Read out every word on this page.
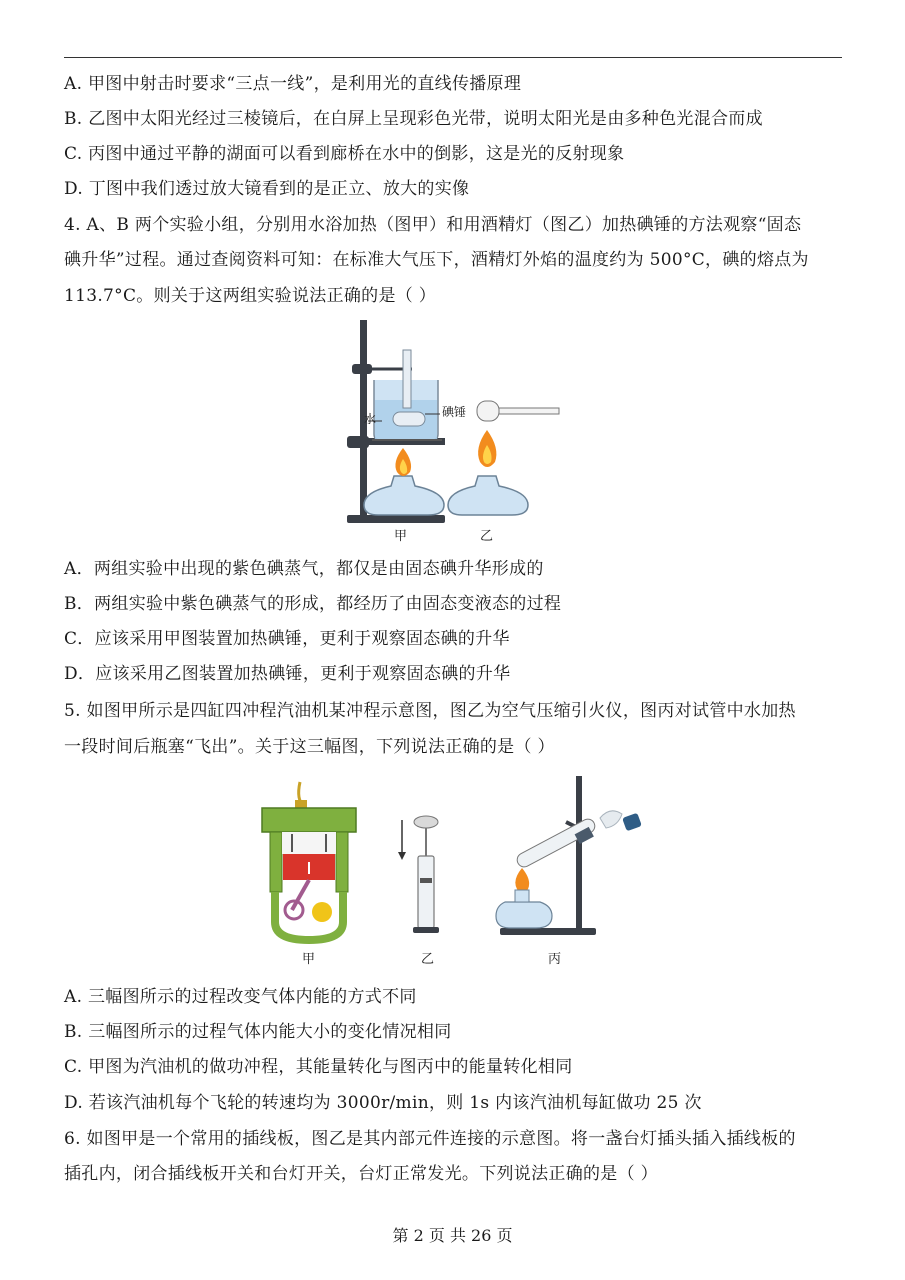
A. 甲图中射击时要求“三点一线”，是利用光的直线传播原理
B. 乙图中太阳光经过三棱镜后，在白屏上呈现彩色光带，说明太阳光是由多种色光混合而成
C. 丙图中通过平静的湖面可以看到廊桥在水中的倒影，这是光的反射现象
D. 丁图中我们透过放大镜看到的是正立、放大的实像
4. A、B 两个实验小组，分别用水浴加热（图甲）和用酒精灯（图乙）加热碘锤的方法观察“固态
碘升华”过程。通过查阅资料可知：在标准大气压下，酒精灯外焰的温度约为 500°C，碘的熔点为
113.7°C。则关于这两组实验说法正确的是（ ）
水	碘锤
甲	乙
A．两组实验中出现的紫色碘蒸气，都仅是由固态碘升华形成的
B．两组实验中紫色碘蒸气的形成，都经历了由固态变液态的过程
C．应该采用甲图装置加热碘锤，更利于观察固态碘的升华
D．应该采用乙图装置加热碘锤，更利于观察固态碘的升华
5. 如图甲所示是四缸四冲程汽油机某冲程示意图，图乙为空气压缩引火仪，图丙对试管中水加热
一段时间后瓶塞“飞出”。关于这三幅图，下列说法正确的是（ ）
甲	乙	丙
A. 三幅图所示的过程改变气体内能的方式不同
B. 三幅图所示的过程气体内能大小的变化情况相同
C. 甲图为汽油机的做功冲程，其能量转化与图丙中的能量转化相同
D. 若该汽油机每个飞轮的转速均为 3000r/min，则 1s 内该汽油机每缸做功 25 次
6. 如图甲是一个常用的插线板，图乙是其内部元件连接的示意图。将一盏台灯插头插入插线板的
插孔内，闭合插线板开关和台灯开关，台灯正常发光。下列说法正确的是（ ）
第 2 页 共 26 页
